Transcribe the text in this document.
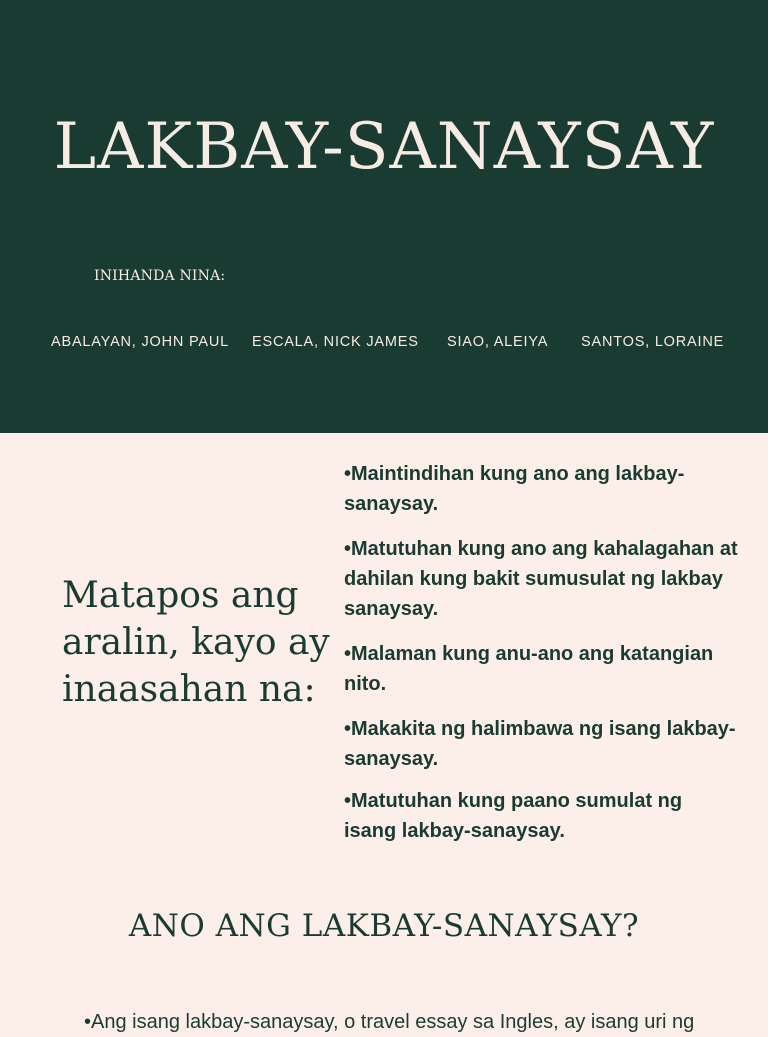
LAKBAY-SANAYSAY
INIHANDA NINA:
ABALAYAN, JOHN PAUL ESCALA, NICK JAMES SIAO, ALEIYA SANTOS, LORAINE

Matapos ang aralin, kayo ay inaasahan na:

•Maintindihan kung ano ang lakbay-sanaysay.
•Matutuhan kung ano ang kahalagahan at dahilan kung bakit sumusulat ng lakbay sanaysay.
•Malaman kung anu-ano ang katangian nito.
•Makakita ng halimbawa ng isang lakbay-sanaysay.
•Matutuhan kung paano sumulat ng isang lakbay-sanaysay.
ANO ANG LAKBAY-SANAYSAY?

•Ang isang lakbay-sanaysay, o travel essay sa Ingles, ay isang uri ng
